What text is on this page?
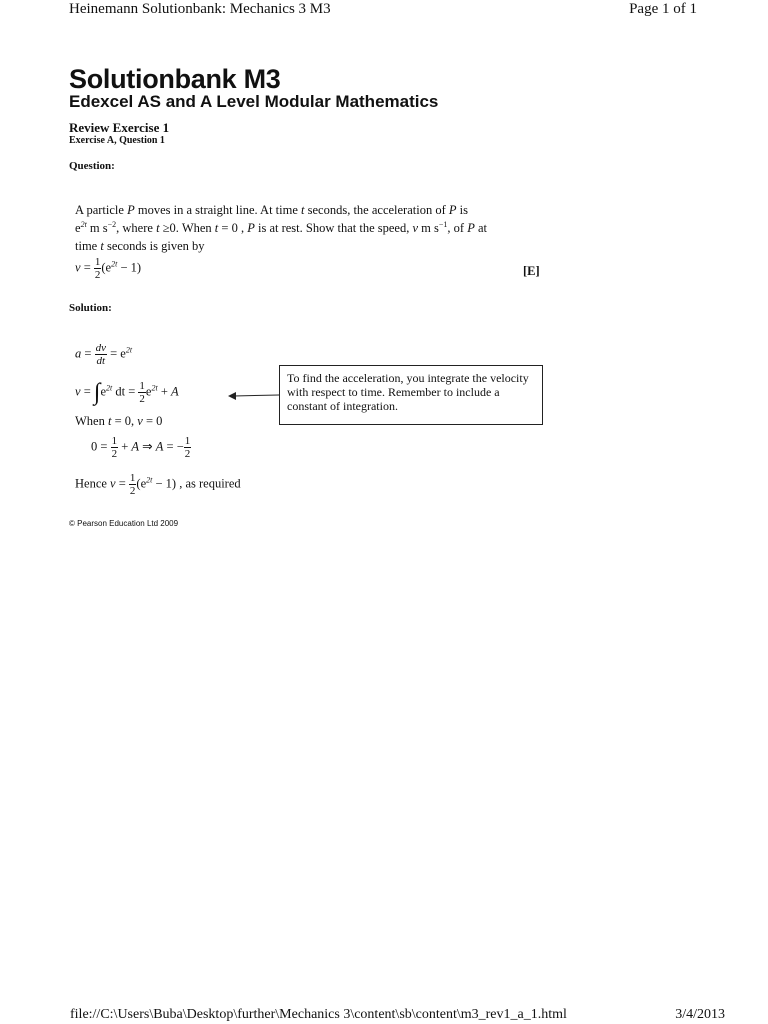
Heinemann Solutionbank: Mechanics 3 M3	Page 1 of 1
Solutionbank M3
Edexcel AS and A Level Modular Mathematics
Review Exercise 1
Exercise A, Question 1
Question:
A particle P moves in a straight line. At time t seconds, the acceleration of P is
$e^{2t}$ m $s^{-2}$, where t ≥0. When t = 0 , P is at rest. Show that the speed, v m $s^{-1}$, of P at
time t seconds is given by
$v = \frac{1}{2} (e^{2t} - 1)$	[E]
Solution:
$a = \frac{dv}{dt} = e^{2t}$
$v = \int e^{2t}$ dt = $\frac{1}{2} e^{2t} + A$
When t = 0, v = 0
$0 = \frac{1}{2} + A$ ⇒ A = − $\frac{1}{2}$
Hence $v = \frac{1}{2} (e^{2t} - 1)$ , as required
To find the acceleration, you integrate the velocity with respect to time. Remember to include a constant of integration.
© Pearson Education Ltd 2009
file://C:\Users\Buba\Desktop\further\Mechanics 3\content\sb\content\m3_rev1_a_1.html	3/4/2013
